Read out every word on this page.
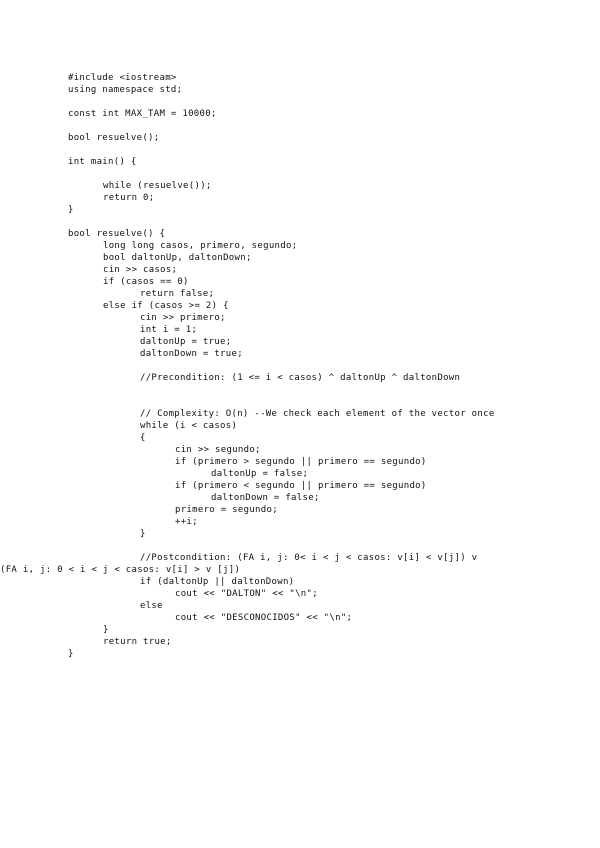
#include <iostream>
using namespace std;
const int MAX_TAM = 10000;
bool resuelve();
int main() {
while (resuelve());
return 0;
}
bool resuelve() {
long long casos, primero, segundo;
bool daltonUp, daltonDown;
cin >> casos;
if (casos == 0)
return false;
else if (casos >= 2) {
cin >> primero;
int i = 1;
daltonUp = true;
daltonDown = true;
//Precondition: (1 <= i < casos) ^ daltonUp ^ daltonDown
// Complexity: O(n) --We check each element of the vector once
while (i < casos)
{
cin >> segundo;
if (primero > segundo || primero == segundo)
daltonUp = false;
if (primero < segundo || primero == segundo)
daltonDown = false;
primero = segundo;
++i;
}
//Postcondition: (FA i, j: 0< i < j < casos: v[i] < v[j]) v
(FA i, j: 0 < i < j < casos: v[i] > v [j])
if (daltonUp || daltonDown)
cout << "DALTON" << "\n";
else
cout << "DESCONOCIDOS" << "\n";
}
return true;
}
